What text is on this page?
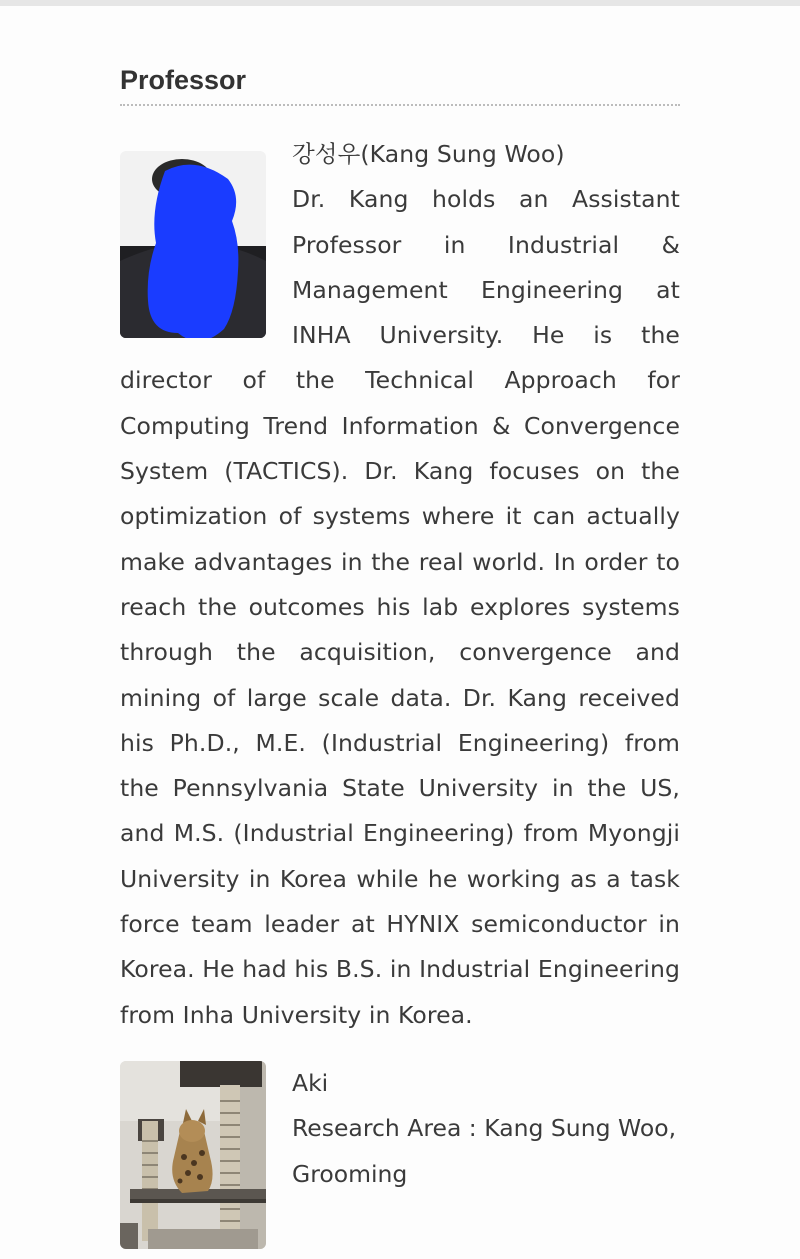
Professor

강성우(Kang Sung Woo)
Dr. Kang holds an Assistant Professor in Industrial & Management Engineering at INHA University. He is the director of the Technical Approach for Computing Trend Information & Convergence System (TACTICS). Dr. Kang focuses on the optimization of systems where it can actually make advantages in the real world. In order to reach the outcomes his lab explores systems through the acquisition, convergence and mining of large scale data. Dr. Kang received his Ph.D., M.E. (Industrial Engineering) from the Pennsylvania State University in the US, and M.S. (Industrial Engineering) from Myongji University in Korea while he working as a task force team leader at HYNIX semiconductor in Korea. He had his B.S. in Industrial Engineering from Inha University in Korea.

Aki
Research Area : Kang Sung Woo,
Grooming
